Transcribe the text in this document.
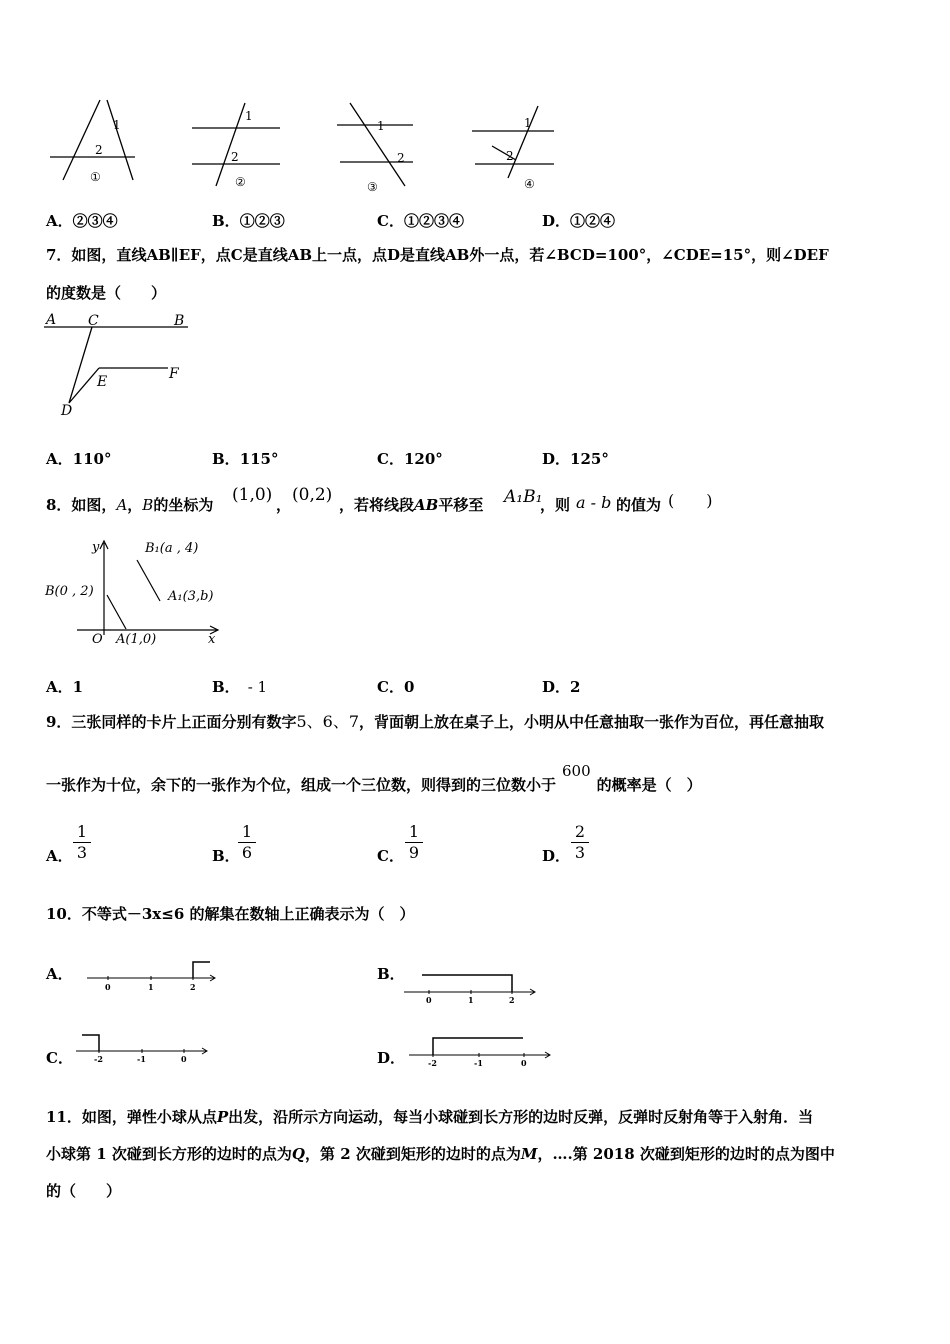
1
2
①
1
2
②
1
2
③
1
2
④
A．②③④	B．①②③	C．①②③④	D．①②④
7．如图，直线AB∥EF，点C是直线AB上一点，点D是直线AB外一点，若∠BCD=100°，∠CDE=15°，则∠DEF
的度数是（　　）
A C	B
E	F
D
A．110°	B．115°	C．120°	D．125°
8．如图，A，B的坐标为 (1,0) ， (0,2) ，若将线段AB平移至 A₁B₁
，则 a - b 的值为 (　　)
y
x
O
B(0 , 2)
A(1,0)
B₁(a , 4)
A₁(3,b)
A．1	B． - 1	C．0	D．2
9．三张同样的卡片上正面分别有数字5、6、7，背面朝上放在桌子上，小明从中任意抽取一张作为百位，再任意抽取
一张作为十位，余下的一张作为个位，组成一个三位数，则得到的三位数小于600的概率是（　）
A． $\frac{1}{3}$	B．
$\frac{1}{6}$	C． $\frac{1}{9}$	D． $\frac{2}{3}$
10．不等式－3x≤6 的解集在数轴上正确表示为（　）
A．
0	1	2
B．
0	1	2
C．	-2	-1	0	D．	-2	-1	0
11．如图，弹性小球从点P出发，沿所示方向运动，每当小球碰到长方形的边时反弹，反弹时反射角等于入射角．当
小球第 1 次碰到长方形的边时的点为Q，第 2 次碰到矩形的边时的点为M，….第 2018 次碰到矩形的边时的点为图中
的（　　）
